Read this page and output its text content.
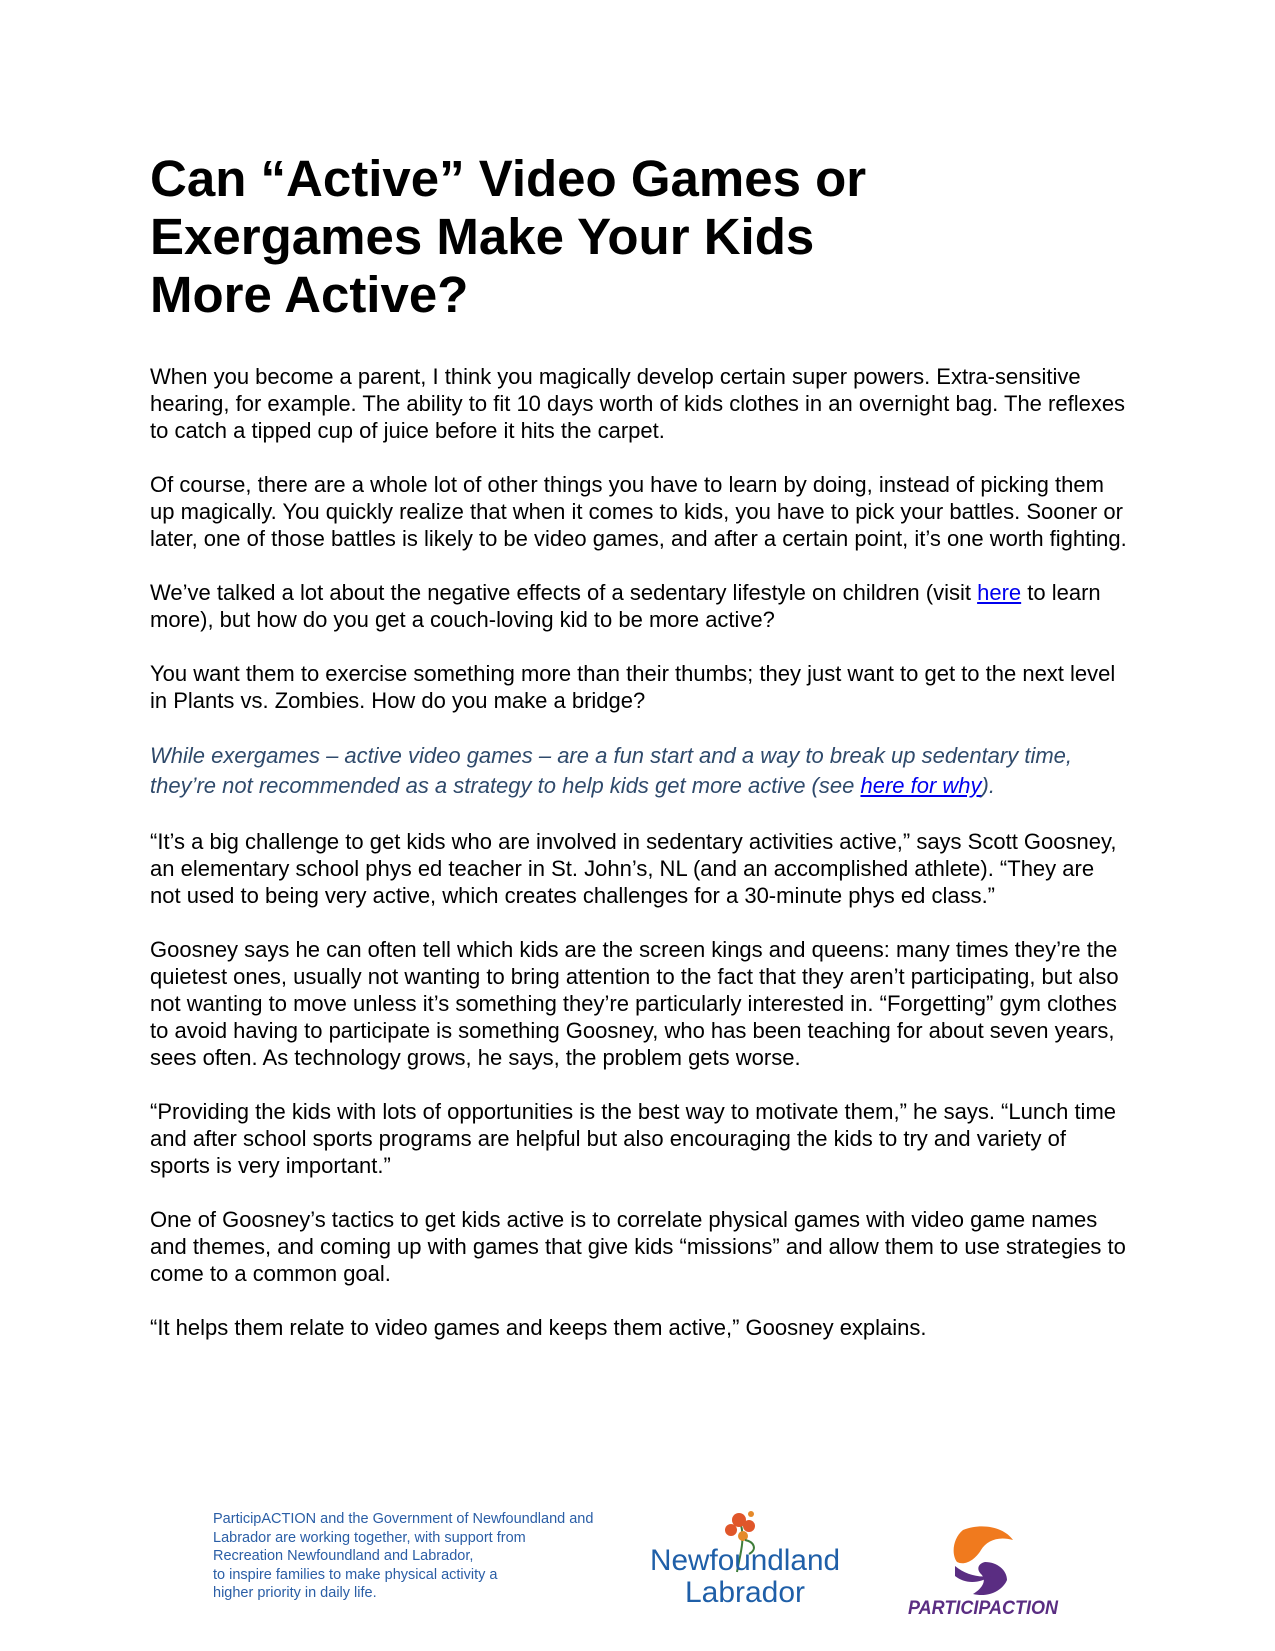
Can “Active” Video Games or Exergames Make Your Kids More Active?

When you become a parent, I think you magically develop certain super powers. Extra-sensitive hearing, for example. The ability to fit 10 days worth of kids clothes in an overnight bag. The reflexes to catch a tipped cup of juice before it hits the carpet.

Of course, there are a whole lot of other things you have to learn by doing, instead of picking them up magically. You quickly realize that when it comes to kids, you have to pick your battles. Sooner or later, one of those battles is likely to be video games, and after a certain point, it’s one worth fighting.

We’ve talked a lot about the negative effects of a sedentary lifestyle on children (visit here to learn more), but how do you get a couch-loving kid to be more active?

You want them to exercise something more than their thumbs; they just want to get to the next level in Plants vs. Zombies. How do you make a bridge?

While exergames – active video games – are a fun start and a way to break up sedentary time, they’re not recommended as a strategy to help kids get more active (see here for why).

“It’s a big challenge to get kids who are involved in sedentary activities active,” says Scott Goosney, an elementary school phys ed teacher in St. John’s, NL (and an accomplished athlete). “They are not used to being very active, which creates challenges for a 30-minute phys ed class.”

Goosney says he can often tell which kids are the screen kings and queens: many times they’re the quietest ones, usually not wanting to bring attention to the fact that they aren’t participating, but also not wanting to move unless it’s something they’re particularly interested in. “Forgetting” gym clothes to avoid having to participate is something Goosney, who has been teaching for about seven years, sees often. As technology grows, he says, the problem gets worse.

“Providing the kids with lots of opportunities is the best way to motivate them,” he says. “Lunch time and after school sports programs are helpful but also encouraging the kids to try and variety of sports is very important.”

One of Goosney’s tactics to get kids active is to correlate physical games with video game names and themes, and coming up with games that give kids “missions” and allow them to use strategies to come to a common goal.

“It helps them relate to video games and keeps them active,” Goosney explains.

ParticipACTION and the Government of Newfoundland and
Labrador are working together, with support from
Recreation Newfoundland and Labrador,
to inspire families to make physical activity a
higher priority in daily life.
Newfoundland
Labrador	PARTICIPACTION
